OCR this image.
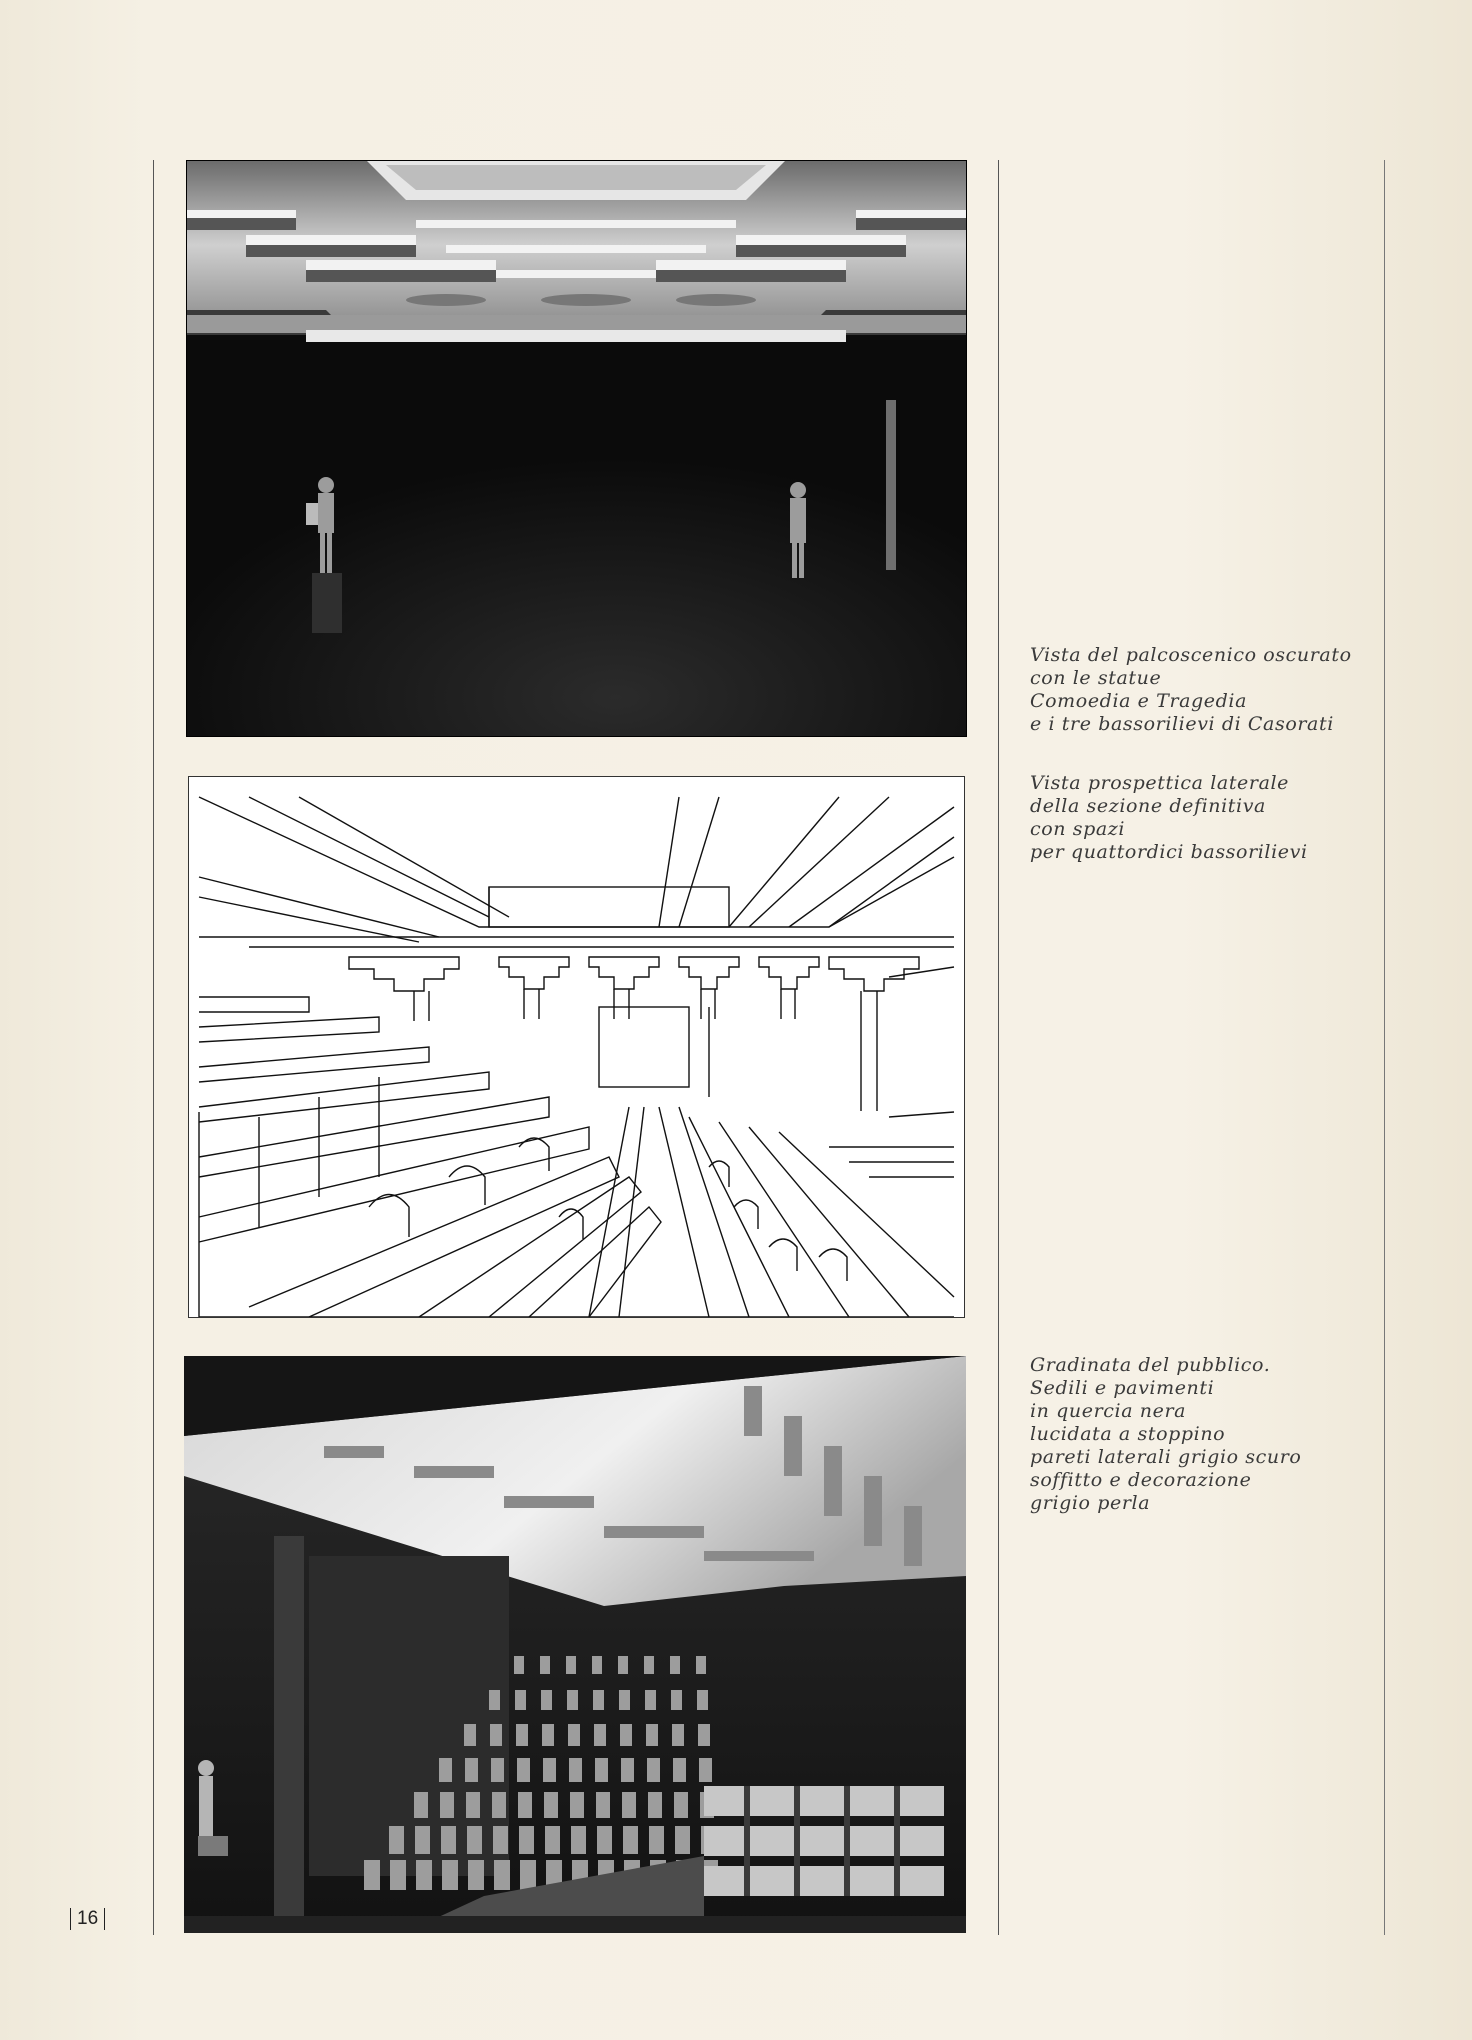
Vista del palcoscenico oscurato
con le statue
Comoedia e Tragedia
e i tre bassorilievi di Casorati
Vista prospettica laterale
della sezione definitiva
con spazi
per quattordici bassorilievi
Gradinata del pubblico.
Sedili e pavimenti
in quercia nera
lucidata a stoppino
pareti laterali grigio scuro
soffitto e decorazione
grigio perla
16
